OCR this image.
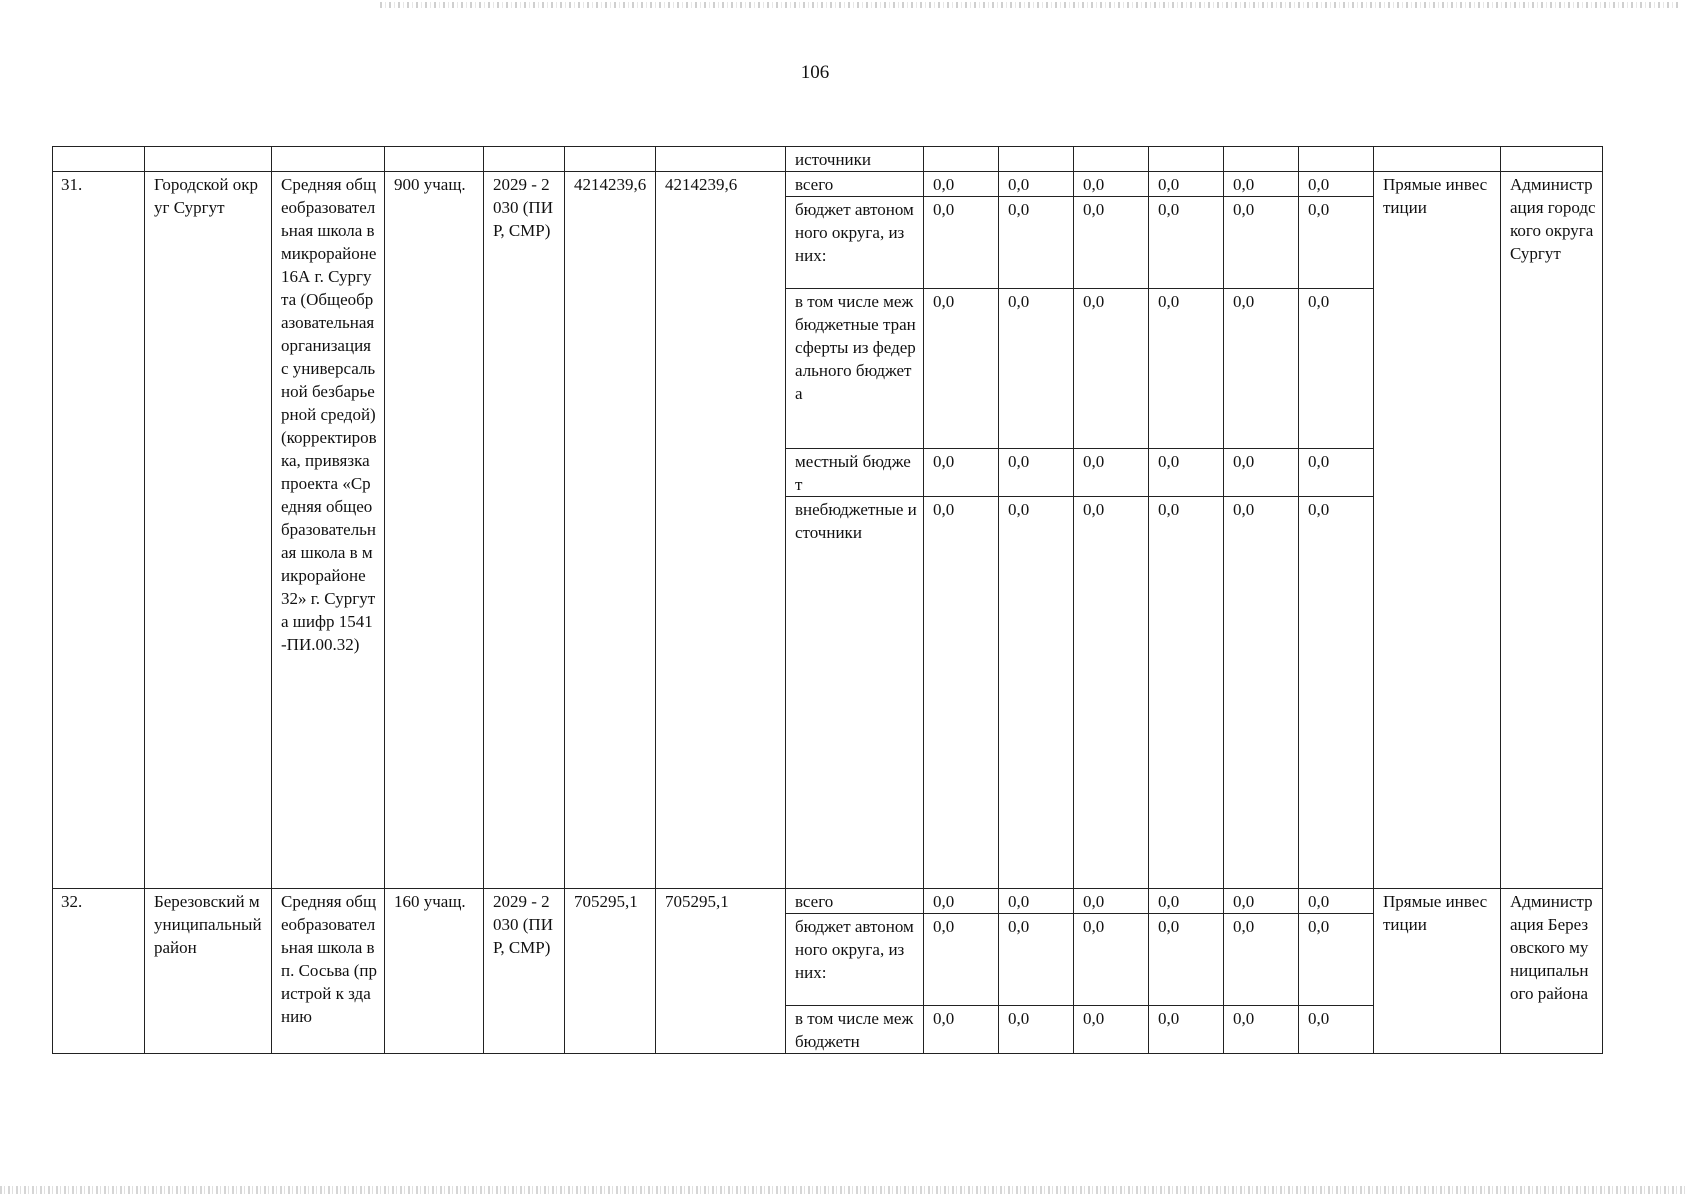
106
							источники								
31.	Городской округ Сургут	Средняя общеобразовательная школа в микрорайоне 16А г. Сургута (Общеобразовательная организация с универсальной безбарьерной средой) (корректировка, привязка проекта «Средняя общеобразовательная школа в микрорайоне 32» г. Сургута шифр 1541-ПИ.00.32)	900 учащ.	2029 - 2030 (ПИР, СМР)	4214239,6	4214239,6	всего	0,0	0,0	0,0	0,0	0,0	0,0	Прямые инвестиции	Администрация городского округа Сургут
							бюджет автономного округа, из них:	0,0	0,0	0,0	0,0	0,0	0,0		
							в том числе межбюджетные трансферты из федерального бюджета	0,0	0,0	0,0	0,0	0,0	0,0		
							местный бюджет	0,0	0,0	0,0	0,0	0,0	0,0		
							внебюджетные источники	0,0	0,0	0,0	0,0	0,0	0,0		
32.	Березовский муниципальный район	Средняя общеобразовательная школа в п. Сосьва (пристрой к зданию	160 учащ.	2029 - 2030 (ПИР, СМР)	705295,1	705295,1	всего	0,0	0,0	0,0	0,0	0,0	0,0	Прямые инвестиции	Администрация Березовского муниципального района
							бюджет автономного округа, из них:	0,0	0,0	0,0	0,0	0,0	0,0		
							в том числе межбюджетн	0,0	0,0	0,0	0,0	0,0	0,0		
